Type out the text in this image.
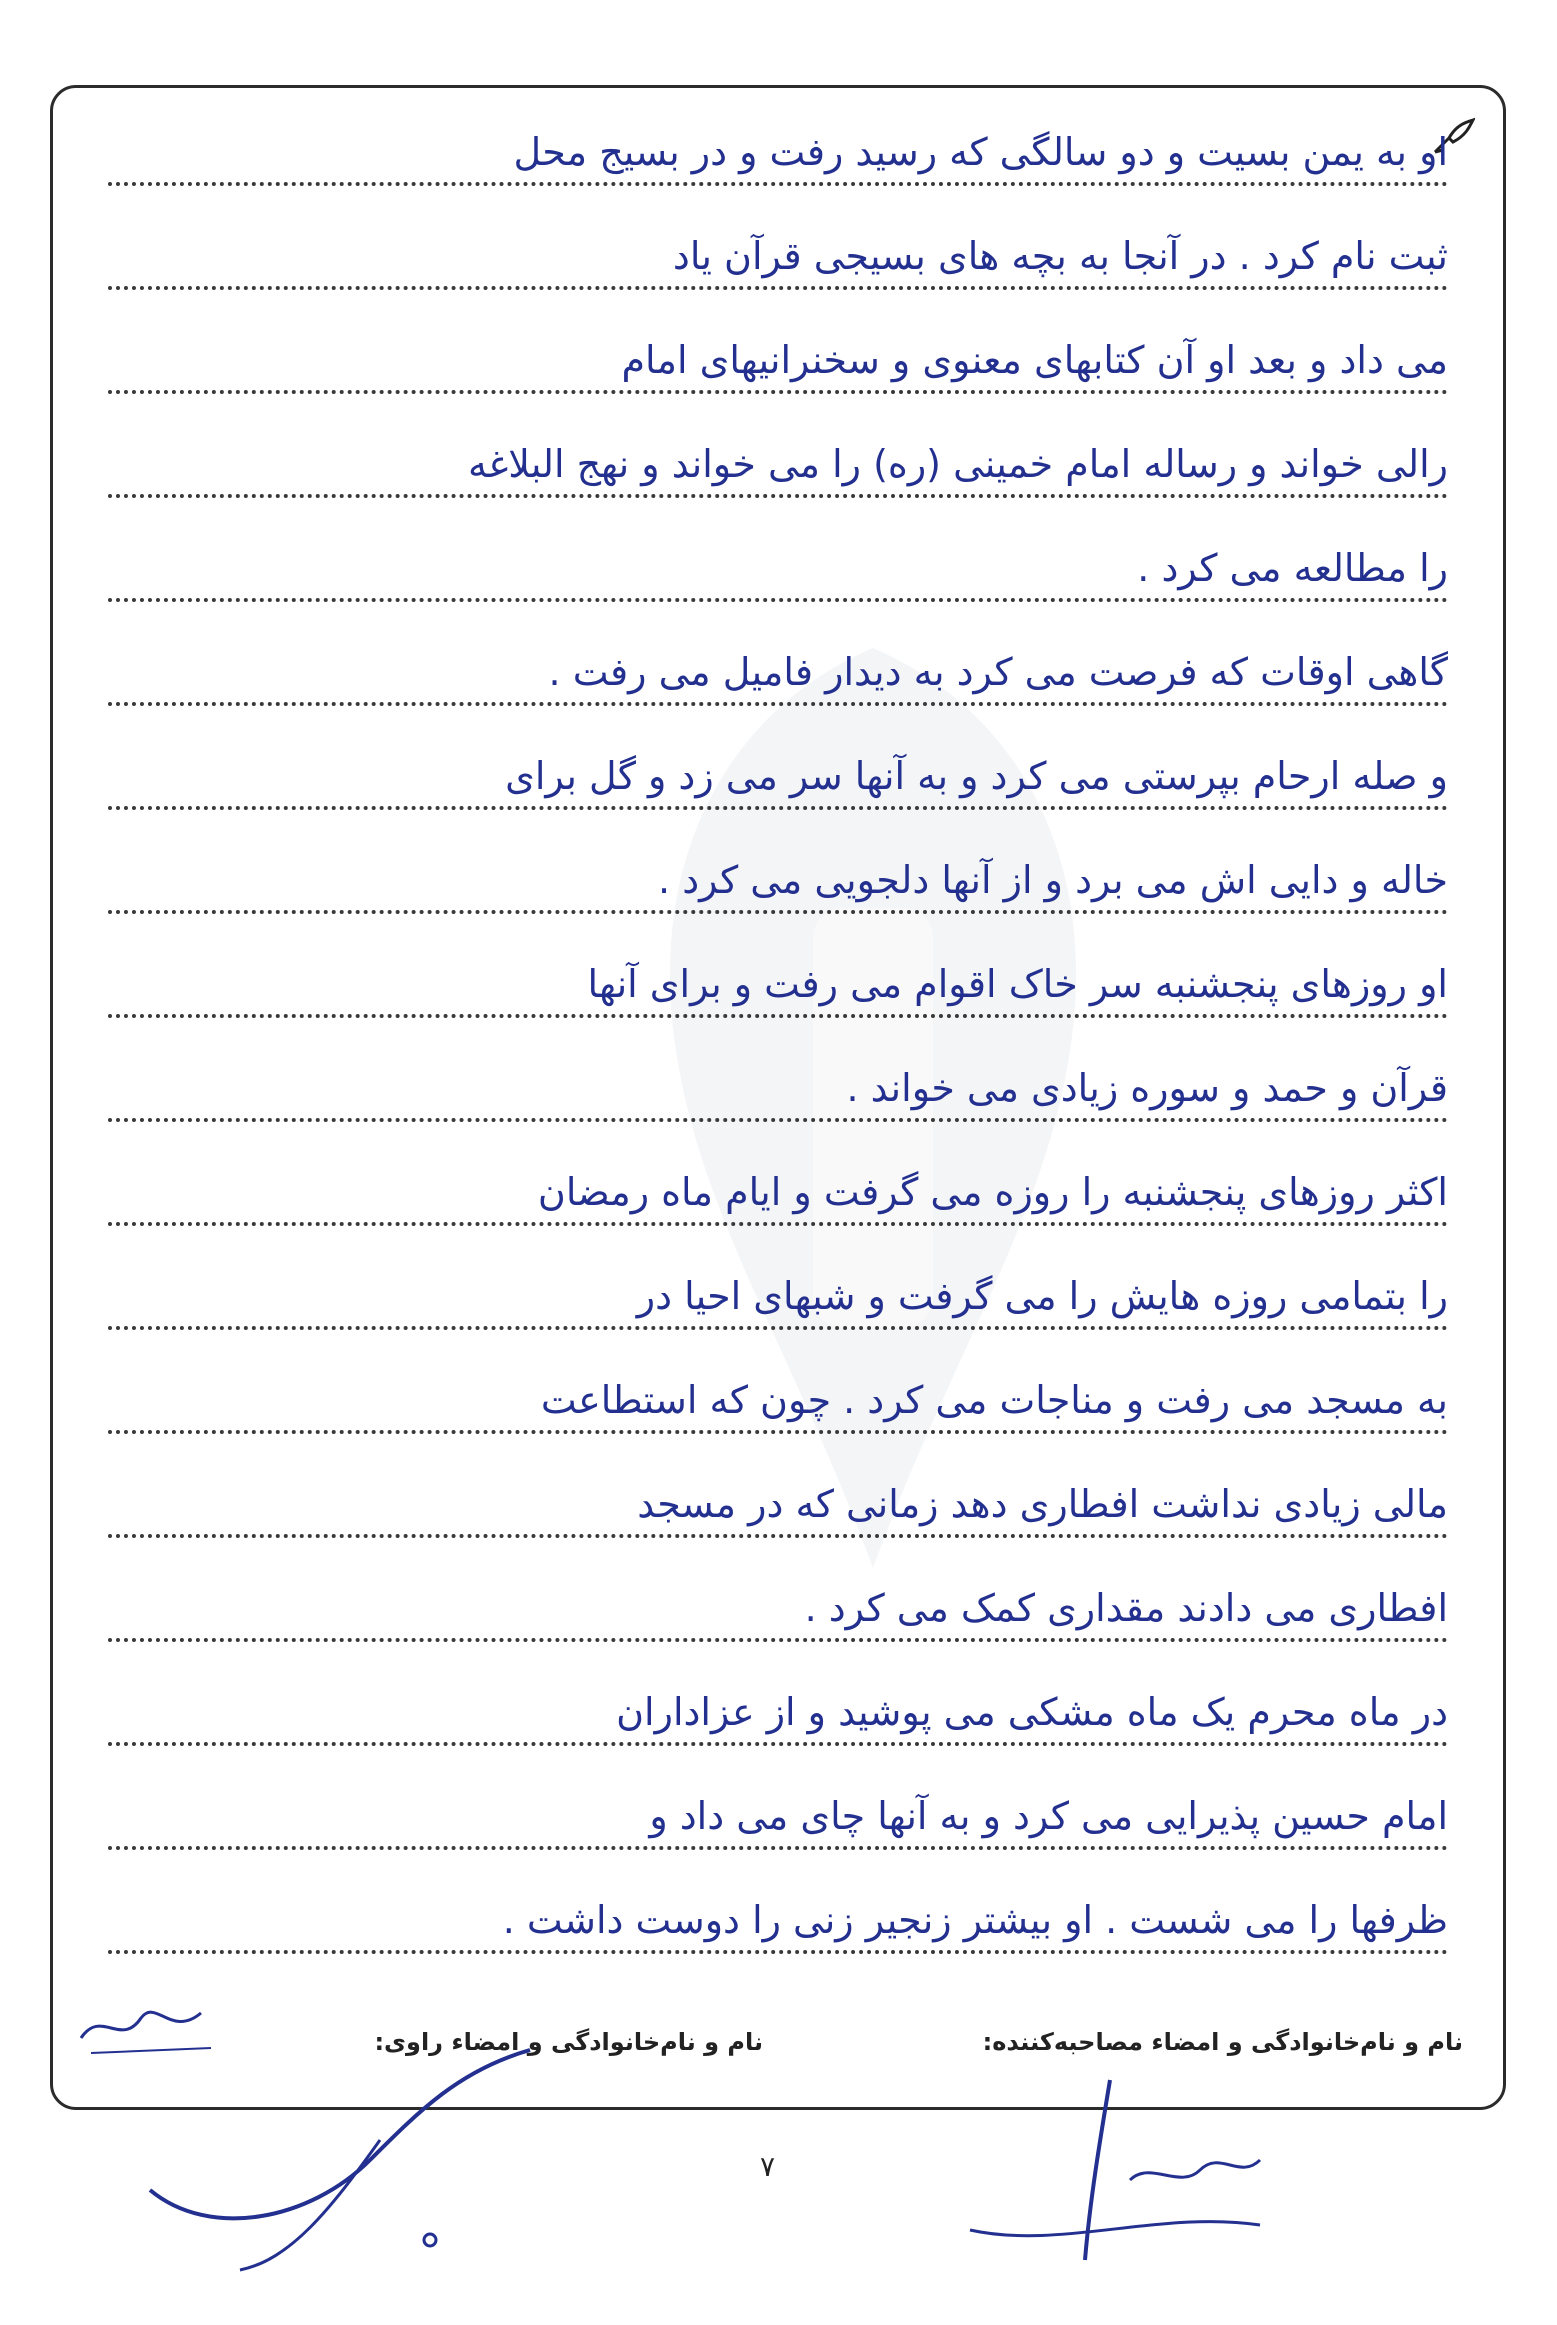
او به یمن بسیت و دو سالگی که رسید رفت و در بسیج محل
ثبت نام کرد . در آنجا به بچه های بسیجی قرآن یاد
می داد و بعد او آن کتابهای معنوی و سخنرانیهای امام
رالی خواند و رساله امام خمینی (ره) را می خواند و نهج البلاغه
را مطالعه می کرد .
گاهی اوقات که فرصت می کرد به دیدار فامیل می رفت .
و صله ارحام بپرستی می کرد و به آنها سر می زد و گل برای
خاله و دایی اش می برد و از آنها دلجویی می کرد .
او روزهای پنجشنبه سر خاک اقوام می رفت و برای آنها
قرآن و حمد و سوره زیادی می خواند .
اکثر روزهای پنجشنبه را روزه می گرفت و ایام ماه رمضان
را بتمامی روزه هایش را می گرفت و شبهای احیا در
به مسجد می رفت و مناجات می کرد . چون که استطاعت
مالی زیادی نداشت افطاری دهد زمانی که در مسجد
افطاری می دادند مقداری کمک می کرد .
در ماه محرم یک ماه مشکی می پوشید و از عزاداران
امام حسین پذیرایی می کرد و به آنها چای می داد و
ظرفها را می شست . او بیشتر زنجیر زنی را دوست داشت .
نام و نام‌خانوادگی و امضاء مصاحبه‌کننده:
نام و نام‌خانوادگی و امضاء راوی:
۷
